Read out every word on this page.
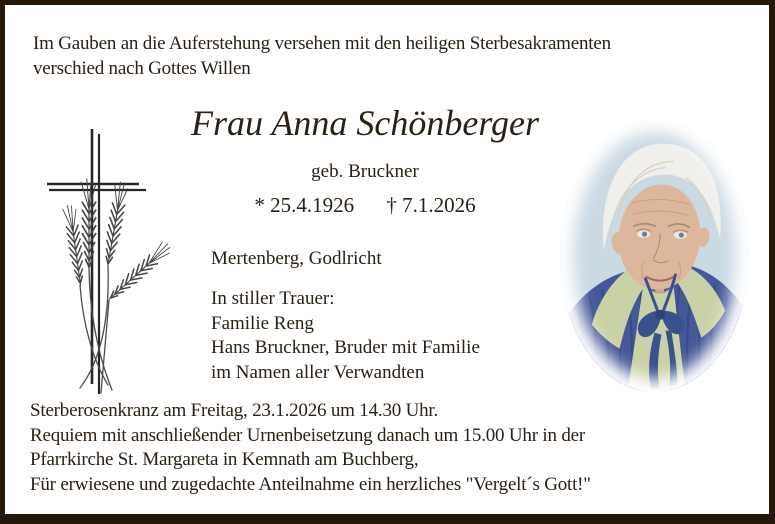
Im Gauben an die Auferstehung versehen mit den heiligen Sterbesakramenten
verschied nach Gottes Willen
Frau Anna Schönberger
geb. Bruckner
* 25.4.1926 † 7.1.2026
Mertenberg, Godlricht
In stiller Trauer:
Familie Reng
Hans Bruckner, Bruder mit Familie
im Namen aller Verwandten
Sterberosenkranz am Freitag, 23.1.2026 um 14.30 Uhr.
Requiem mit anschließender Urnenbeisetzung danach um 15.00 Uhr in der
Pfarrkirche St. Margareta in Kemnath am Buchberg,
Für erwiesene und zugedachte Anteilnahme ein herzliches "Vergelt´s Gott!"
